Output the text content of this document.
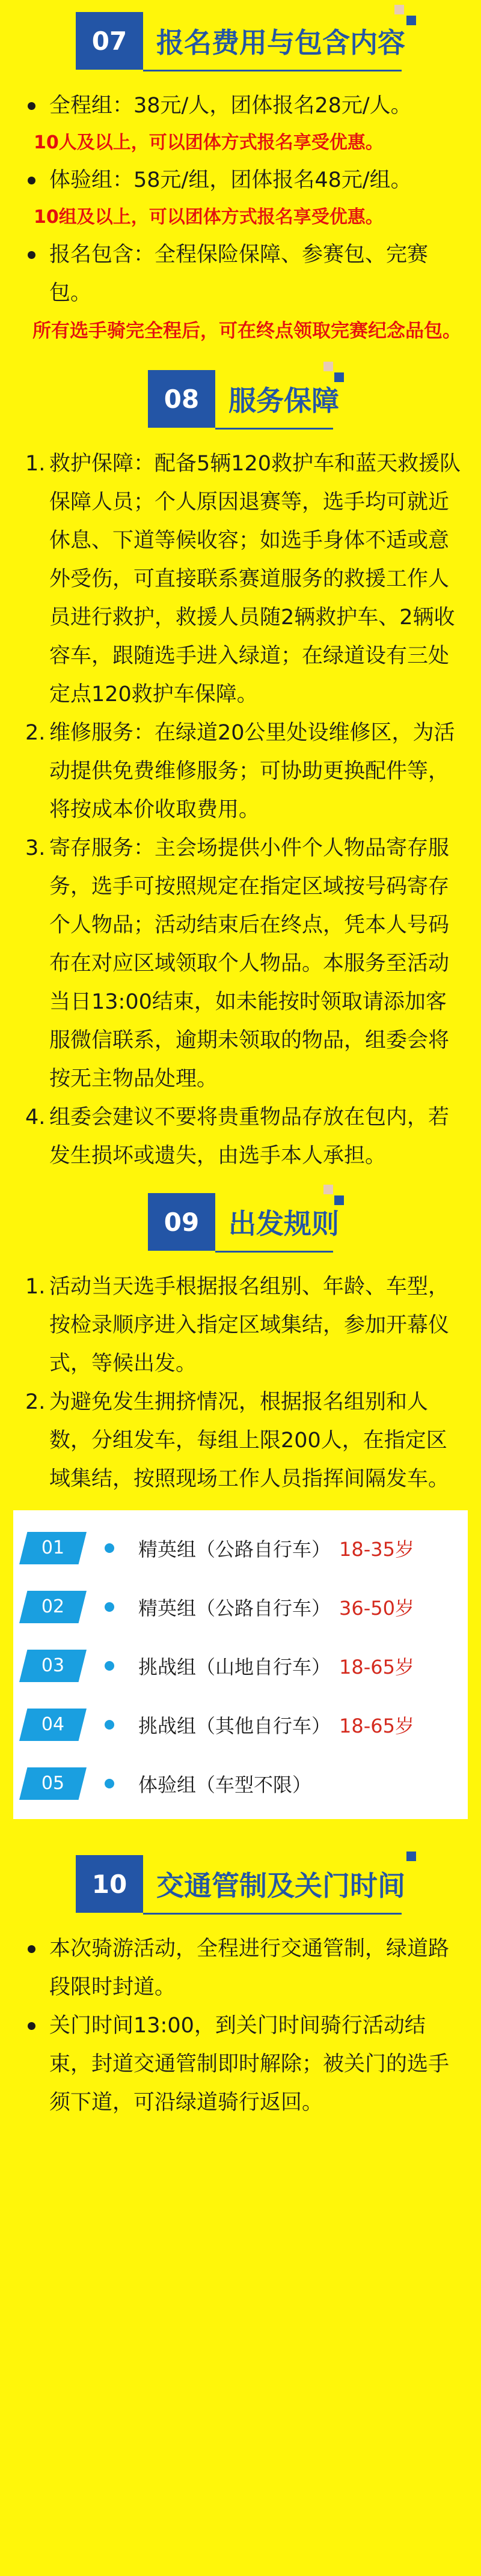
07	报名费用与包含内容
全程组：38元/人，团体报名28元/人。
10人及以上，可以团体方式报名享受优惠。
体验组：58元/组，团体报名48元/组。
10组及以上，可以团体方式报名享受优惠。
报名包含：全程保险保障、参赛包、完赛包。
所有选手骑完全程后，可在终点领取完赛纪念品包。
08	服务保障
1. 救护保障：配备5辆120救护车和蓝天救援队保障人员；个人原因退赛等，选手均可就近休息、下道等候收容；如选手身体不适或意外受伤，可直接联系赛道服务的救援工作人员进行救护，救援人员随2辆救护车、2辆收容车，跟随选手进入绿道；在绿道设有三处定点120救护车保障。
2. 维修服务：在绿道20公里处设维修区，为活动提供免费维修服务；可协助更换配件等，将按成本价收取费用。
3. 寄存服务：主会场提供小件个人物品寄存服务，选手可按照规定在指定区域按号码寄存个人物品；活动结束后在终点，凭本人号码布在对应区域领取个人物品。本服务至活动当日13:00结束，如未能按时领取请添加客服微信联系，逾期未领取的物品，组委会将按无主物品处理。
4. 组委会建议不要将贵重物品存放在包内，若发生损坏或遗失，由选手本人承担。
09	出发规则
1. 活动当天选手根据报名组别、年龄、车型，按检录顺序进入指定区域集结，参加开幕仪式，等候出发。
2. 为避免发生拥挤情况，根据报名组别和人数，分组发车，每组上限200人，在指定区域集结，按照现场工作人员指挥间隔发车。
01	精英组（公路自行车） 18-35岁
02	精英组（公路自行车） 36-50岁
03	挑战组（山地自行车） 18-65岁
04	挑战组（其他自行车） 18-65岁
05	体验组（车型不限）
10	交通管制及关门时间
本次骑游活动，全程进行交通管制，绿道路段限时封道。
关门时间13:00，到关门时间骑行活动结束，封道交通管制即时解除；被关门的选手须下道，可沿绿道骑行返回。
